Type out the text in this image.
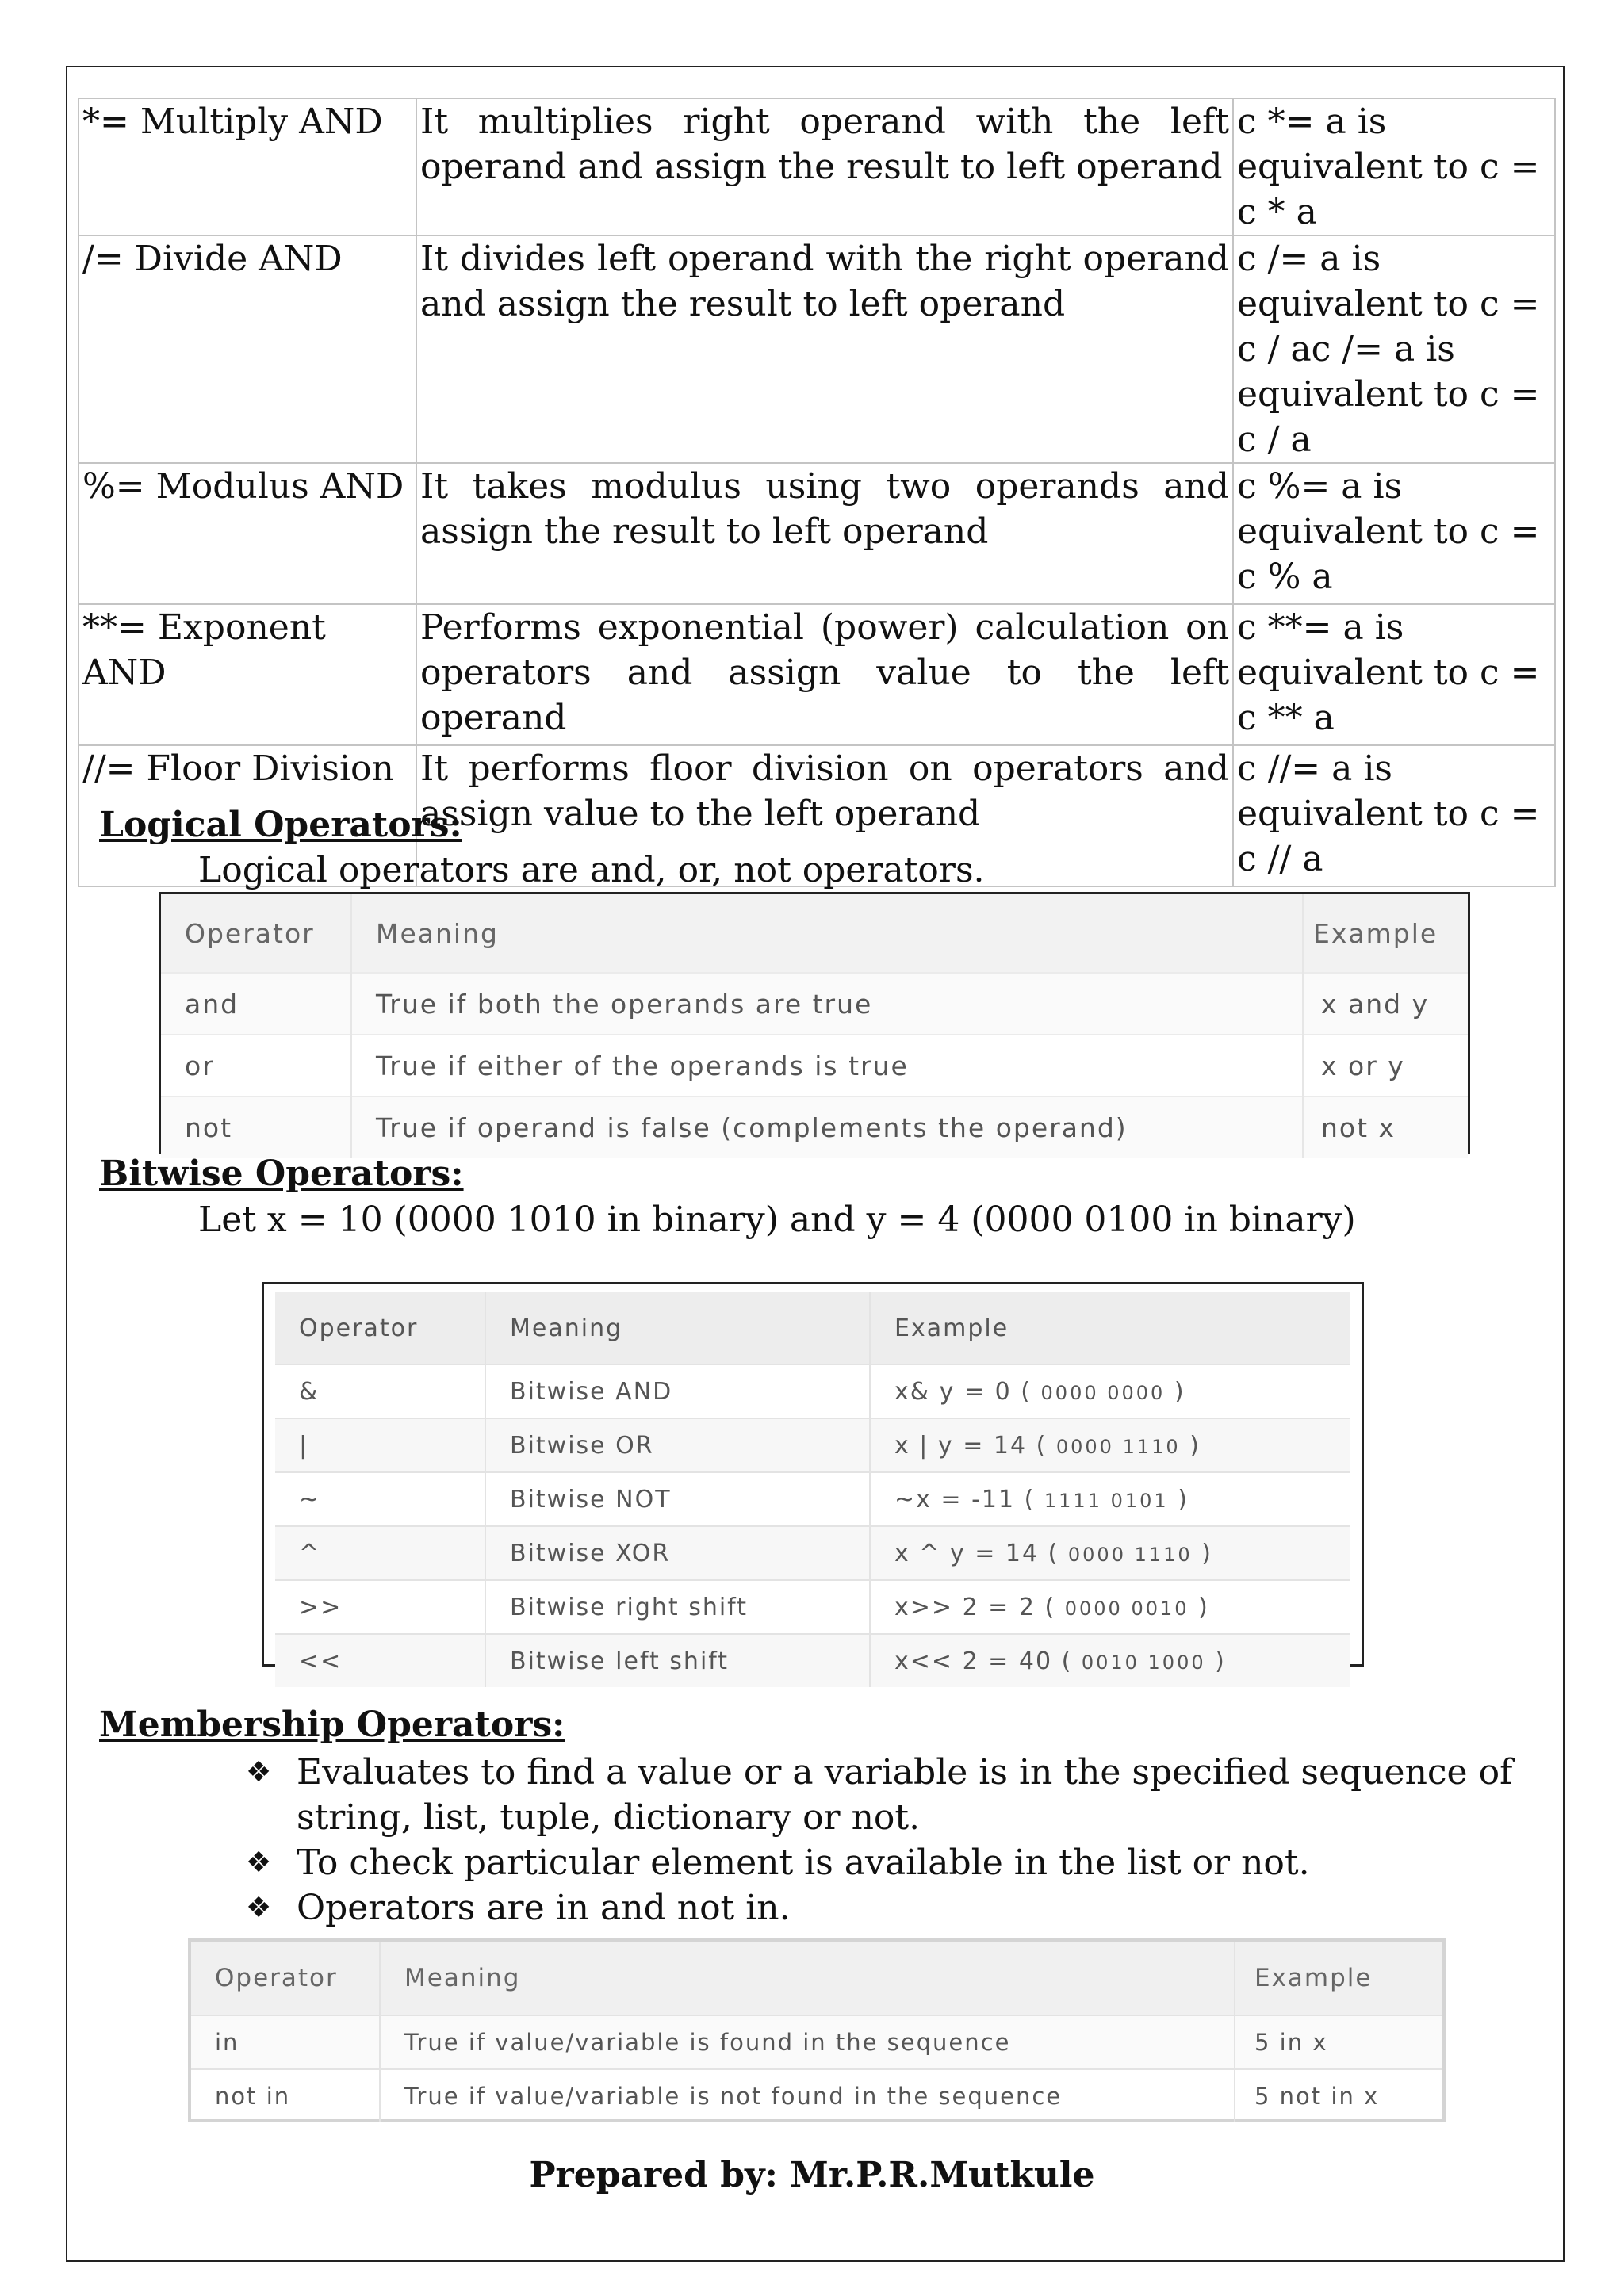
*= Multiply AND	It multiplies right operand with the left operand and assign the result to left operand	c *= a is equivalent to c = c * a
/= Divide AND	It divides left operand with the right operand and assign the result to left operand	c /= a is equivalent to c = c / ac /= a is equivalent to c = c / a
%= Modulus AND	It takes modulus using two operands and assign the result to left operand	c %= a is equivalent to c = c % a
**= Exponent AND	Performs exponential (power) calculation on operators and assign value to the left operand	c **= a is equivalent to c = c ** a
//= Floor Division	It performs floor division on operators and assign value to the left operand	c //= a is equivalent to c = c // a
Logical Operators:
Logical operators are and, or, not operators.
Operator	Meaning	Example
and	True if both the operands are true	x and y
or	True if either of the operands is true	x or y
not	True if operand is false (complements the operand)	not x
Bitwise Operators:
Let x = 10 (0000 1010 in binary) and y = 4 (0000 0100 in binary)
Operator	Meaning	Example
&	Bitwise AND	x& y = 0 ( 0000 0000 )
|	Bitwise OR	x | y = 14 ( 0000 1110 )
~	Bitwise NOT	~x = -11 ( 1111 0101 )
^	Bitwise XOR	x ^ y = 14 ( 0000 1110 )
>>	Bitwise right shift	x>> 2 = 2 ( 0000 0010 )
<<	Bitwise left shift	x<< 2 = 40 ( 0010 1000 )
Membership Operators:
❖ Evaluates to find a value or a variable is in the specified sequence of string, list, tuple, dictionary or not.
❖ To check particular element is available in the list or not.
❖ Operators are in and not in.
Operator	Meaning	Example
in	True if value/variable is found in the sequence	5 in x
not in	True if value/variable is not found in the sequence	5 not in x
Prepared by: Mr.P.R.Mutkule
